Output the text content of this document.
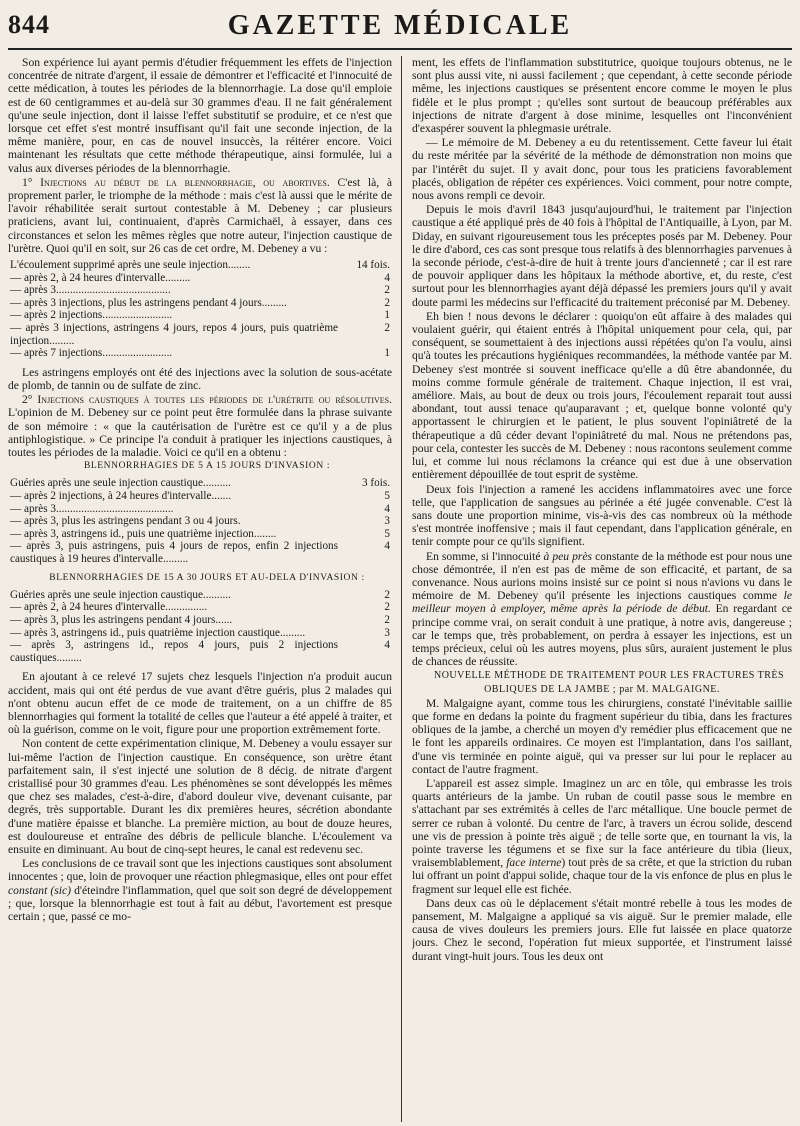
844	GAZETTE MÉDICALE

Son expérience lui ayant permis d'étudier fréquemment les effets de l'injection concentrée de nitrate d'argent, il essaie de démontrer et l'efficacité et l'innocuité de cette médication, à toutes les périodes de la blennorrhagie. La dose qu'il emploie est de 60 centigrammes et au-delà sur 30 grammes d'eau. Il ne fait généralement qu'une seule injection, dont il laisse l'effet substitutif se produire, et ce n'est que lorsque cet effet s'est montré insuffisant qu'il fait une seconde injection, de la même manière, pour, en cas de nouvel insuccès, la réitérer encore. Voici maintenant les résultats que cette méthode thérapeutique, ainsi formulée, lui a valus aux diverses périodes de la blennorrhagie.

1° Injections au début de la blennorrhagie, ou abortives. C'est là, à proprement parler, le triomphe de la méthode : mais c'est là aussi que le mérite de l'avoir réhabilitée serait surtout contestable à M. Debeney ; car plusieurs praticiens, avant lui, continuaient, d'après Carmichaël, à essayer, dans ces circonstances et selon les mêmes règles que notre auteur, l'injection caustique de l'urètre. Quoi qu'il en soit, sur 26 cas de cet ordre, M. Debeney a vu :

L'écoulement supprimé après une seule injection........	14 fois.
— après 2, à 24 heures d'intervalle.........	4
— après 3.........................................	2
— après 3 injections, plus les astringens pendant 4 jours.........	2
— après 2 injections.........................	1
— après 3 injections, astringens 4 jours, repos 4 jours, puis quatrième injection.........	2
— après 7 injections.........................	1

Les astringens employés ont été des injections avec la solution de sous-acétate de plomb, de tannin ou de sulfate de zinc.

2° Injections caustiques à toutes les périodes de l'urétrite ou résolutives. L'opinion de M. Debeney sur ce point peut être formulée dans la phrase suivante de son mémoire : « que la cautérisation de l'urètre est ce qu'il y a de plus antiphlogistique. » Ce principe l'a conduit à pratiquer les injections caustiques, à toutes les périodes de la maladie. Voici ce qu'il en a obtenu :

BLENNORRHAGIES DE 5 A 15 JOURS D'INVASION :

Guéries après une seule injection caustique..........	3 fois.
— après 2 injections, à 24 heures d'intervalle.......	5
— après 3..........................................	4
— après 3, plus les astringens pendant 3 ou 4 jours.	3
— après 3, astringens id., puis une quatrième injection........	5
— après 3, puis astringens, puis 4 jours de repos, enfin 2 injections caustiques à 19 heures d'intervalle.........	4

BLENNORRHAGIES DE 15 A 30 JOURS ET AU-DELA D'INVASION :

Guéries après une seule injection caustique..........	2
— après 2, à 24 heures d'intervalle...............	2
— après 3, plus les astringens pendant 4 jours......	2
— après 3, astringens id., puis quatrième injection caustique.........	3
— après 3, astringens id., repos 4 jours, puis 2 injections caustiques.........	4

En ajoutant à ce relevé 17 sujets chez lesquels l'injection n'a produit aucun accident, mais qui ont été perdus de vue avant d'être guéris, plus 2 malades qui n'ont obtenu aucun effet de ce mode de traitement, on a un chiffre de 85 blennorrhagies qui forment la totalité de celles que l'auteur a été appelé à traiter, et où la guérison, comme on le voit, figure pour une proportion extrêmement forte.

Non content de cette expérimentation clinique, M. Debeney a voulu essayer sur lui-même l'action de l'injection caustique. En conséquence, son urètre étant parfaitement sain, il s'est injecté une solution de 8 décig. de nitrate d'argent cristallisé pour 30 grammes d'eau. Les phénomènes se sont développés les mêmes que chez ses malades, c'est-à-dire, d'abord douleur vive, devenant cuisante, par degrés, très supportable. Durant les dix premières heures, sécrétion abondante d'une matière épaisse et blanche. La première miction, au bout de douze heures, est douloureuse et entraîne des débris de pellicule blanche. L'écoulement va ensuite en diminuant. Au bout de cinq-sept heures, le canal est redevenu sec.

Les conclusions de ce travail sont que les injections caustiques sont absolument innocentes ; que, loin de provoquer une réaction phlegmasique, elles ont pour effet constant (sic) d'éteindre l'inflammation, quel que soit son degré de développement ; que, lorsque la blennorrhagie est tout à fait au début, l'avortement est presque certain ; que, passé ce mo-

ment, les effets de l'inflammation substitutrice, quoique toujours obtenus, ne le sont plus aussi vite, ni aussi facilement ; que cependant, à cette seconde période même, les injections caustiques se présentent encore comme le moyen le plus fidèle et le plus prompt ; qu'elles sont surtout de beaucoup préférables aux injections de nitrate d'argent à dose minime, lesquelles ont l'inconvénient d'exaspérer souvent la phlegmasie urétrale.

— Le mémoire de M. Debeney a eu du retentissement. Cette faveur lui était du reste méritée par la sévérité de la méthode de démonstration non moins que par l'intérêt du sujet. Il y avait donc, pour tous les praticiens favorablement placés, obligation de répéter ces expériences. Voici comment, pour notre compte, nous avons rempli ce devoir.

Depuis le mois d'avril 1843 jusqu'aujourd'hui, le traitement par l'injection caustique a été appliqué près de 40 fois à l'hôpital de l'Antiquaille, à Lyon, par M. Diday, en suivant rigoureusement tous les préceptes posés par M. Debeney. Pour le dire d'abord, ces cas sont presque tous relatifs à des blennorrhagies parvenues à la seconde période, c'est-à-dire de huit à trente jours d'ancienneté ; car il est rare de pouvoir appliquer dans les hôpitaux la méthode abortive, et, du reste, c'est surtout pour les blennorrhagies ayant déjà dépassé les premiers jours qu'il y avait doute parmi les médecins sur l'efficacité du traitement préconisé par M. Debeney.

Eh bien ! nous devons le déclarer : quoiqu'on eût affaire à des malades qui voulaient guérir, qui étaient entrés à l'hôpital uniquement pour cela, qui, par conséquent, se soumettaient à des injections aussi répétées qu'on l'a voulu, ainsi qu'à toutes les précautions hygiéniques recommandées, la méthode vantée par M. Debeney s'est montrée si souvent inefficace qu'elle a dû être abandonnée, du moins comme formule générale de traitement. Chaque injection, il est vrai, améliore. Mais, au bout de deux ou trois jours, l'écoulement reparait tout aussi abondant, tout aussi tenace qu'auparavant ; et, quelque bonne volonté qu'y apportassent le chirurgien et le patient, le plus souvent l'opiniâtreté de la thérapeutique a dû céder devant l'opiniâtreté du mal. Nous ne prétendons pas, pour cela, contester les succès de M. Debeney : nous racontons seulement comme lui, et comme lui nous réclamons la créance qui est due à une observation entièrement dépouillée de tout esprit de système.

Deux fois l'injection a ramené les accidens inflammatoires avec une force telle, que l'application de sangsues au périnée a été jugée convenable. C'est là sans doute une proportion minime, vis-à-vis des cas nombreux où la méthode s'est montrée inoffensive ; mais il faut cependant, dans l'application générale, en tenir compte pour ce qu'ils signifient.

En somme, si l'innocuité à peu près constante de la méthode est pour nous une chose démontrée, il n'en est pas de même de son efficacité, et partant, de sa convenance. Nous aurions moins insisté sur ce point si nous n'avions vu dans le mémoire de M. Debeney qu'il présente les injections caustiques comme le meilleur moyen à employer, même après la période de début. En regardant ce principe comme vrai, on serait conduit à une pratique, à notre avis, dangereuse ; car le temps que, très probablement, on perdra à essayer les injections, est un temps précieux, celui où les autres moyens, plus sûrs, auraient justement le plus de chances de réussite.

NOUVELLE MÉTHODE DE TRAITEMENT POUR LES FRACTURES TRÈS OBLIQUES DE LA JAMBE ; par M. MALGAIGNE.

M. Malgaigne ayant, comme tous les chirurgiens, constaté l'inévitable saillie que forme en dedans la pointe du fragment supérieur du tibia, dans les fractures obliques de la jambe, a cherché un moyen d'y remédier plus efficacement que ne le font les appareils ordinaires. Ce moyen est l'implantation, dans l'os saillant, d'une vis terminée en pointe aiguë, qui va presser sur lui pour le replacer au contact de l'autre fragment.

L'appareil est assez simple. Imaginez un arc en tôle, qui embrasse les trois quarts antérieurs de la jambe. Un ruban de coutil passe sous le membre en s'attachant par ses extrémités à celles de l'arc métallique. Une boucle permet de serrer ce ruban à volonté. Du centre de l'arc, à travers un écrou solide, descend une vis de pression à pointe très aiguë ; de telle sorte que, en tournant la vis, la pointe traverse les tégumens et se fixe sur la face antérieure du tibia (lieux, vraisemblablement, face interne) tout près de sa crête, et que la striction du ruban lui offrant un point d'appui solide, chaque tour de la vis enfonce de plus en plus le fragment sur lequel elle est fichée.

Dans deux cas où le déplacement s'était montré rebelle à tous les modes de pansement, M. Malgaigne a appliqué sa vis aiguë. Sur le premier malade, elle causa de vives douleurs les premiers jours. Elle fut laissée en place quatorze jours. Chez le second, l'opération fut mieux supportée, et l'instrument laissé durant vingt-huit jours. Tous les deux ont
